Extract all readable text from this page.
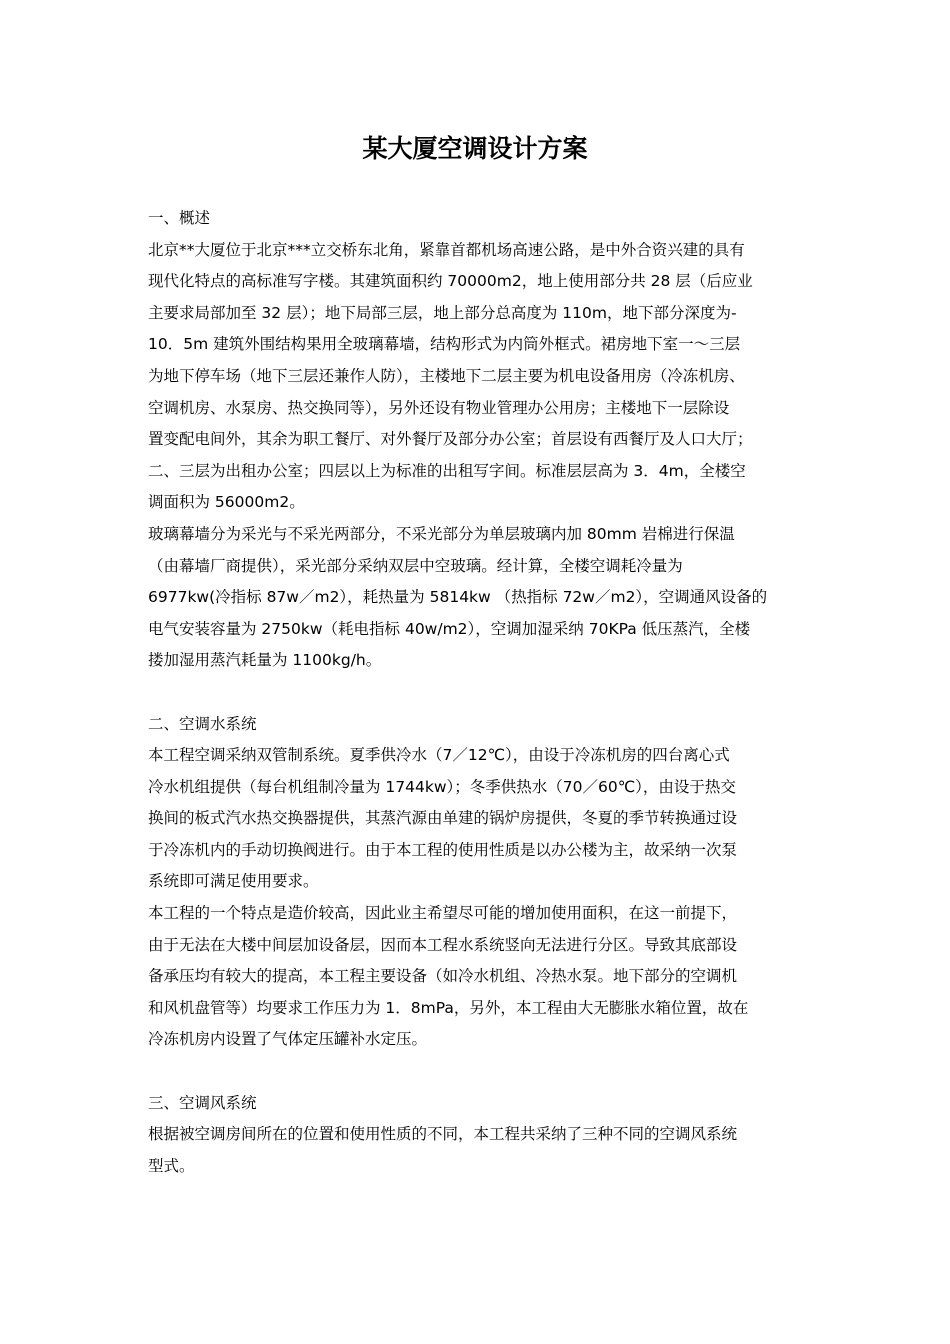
某大厦空调设计方案
一、概述
北京**大厦位于北京***立交桥东北角，紧靠首都机场高速公路，是中外合资兴建的具有
现代化特点的高标准写字楼。其建筑面积约 70000m2，地上使用部分共 28 层（后应业
主要求局部加至 32 层）；地下局部三层，地上部分总高度为 110m，地下部分深度为-
10．5m 建筑外围结构果用全玻璃幕墙，结构形式为内筒外框式。裙房地下室一～三层
为地下停车场（地下三层还兼作人防），主楼地下二层主要为机电设备用房（冷冻机房、
空调机房、水泵房、热交换同等），另外还设有物业管理办公用房；主楼地下一层除设
置变配电间外，其余为职工餐厅、对外餐厅及部分办公室；首层设有西餐厅及人口大厅；
二、三层为出租办公室；四层以上为标准的出租写字间。标准层层高为 3．4m，全楼空
调面积为 56000m2。
玻璃幕墙分为采光与不采光两部分，不采光部分为单层玻璃内加 80mm 岩棉进行保温
（由幕墙厂商提供），采光部分采纳双层中空玻璃。经计算，全楼空调耗冷量为
6977kw(冷指标 87w／m2），耗热量为 5814kw （热指标 72w／m2），空调通风设备的
电气安装容量为 2750kw（耗电指标 40w/m2），空调加湿采纳 70KPa 低压蒸汽，全楼
搂加湿用蒸汽耗量为 1100kg/h。
二、空调水系统
本工程空调采纳双管制系统。夏季供冷水（7／12℃），由设于冷冻机房的四台离心式
冷水机组提供（每台机组制冷量为 1744kw）；冬季供热水（70／60℃），由设于热交
换间的板式汽水热交换器提供，其蒸汽源由单建的锅炉房提供，冬夏的季节转换通过设
于冷冻机内的手动切换阀进行。由于本工程的使用性质是以办公楼为主，故采纳一次泵
系统即可满足使用要求。
本工程的一个特点是造价较高，因此业主希望尽可能的增加使用面积，在这一前提下，
由于无法在大楼中间层加设备层，因而本工程水系统竖向无法进行分区。导致其底部设
备承压均有较大的提高，本工程主要设备（如冷水机组、冷热水泵。地下部分的空调机
和风机盘管等）均要求工作压力为 1．8mPa，另外，本工程由大无膨胀水箱位置，故在
冷冻机房内设置了气体定压罐补水定压。
三、空调风系统
根据被空调房间所在的位置和使用性质的不同，本工程共采纳了三种不同的空调风系统
型式。
